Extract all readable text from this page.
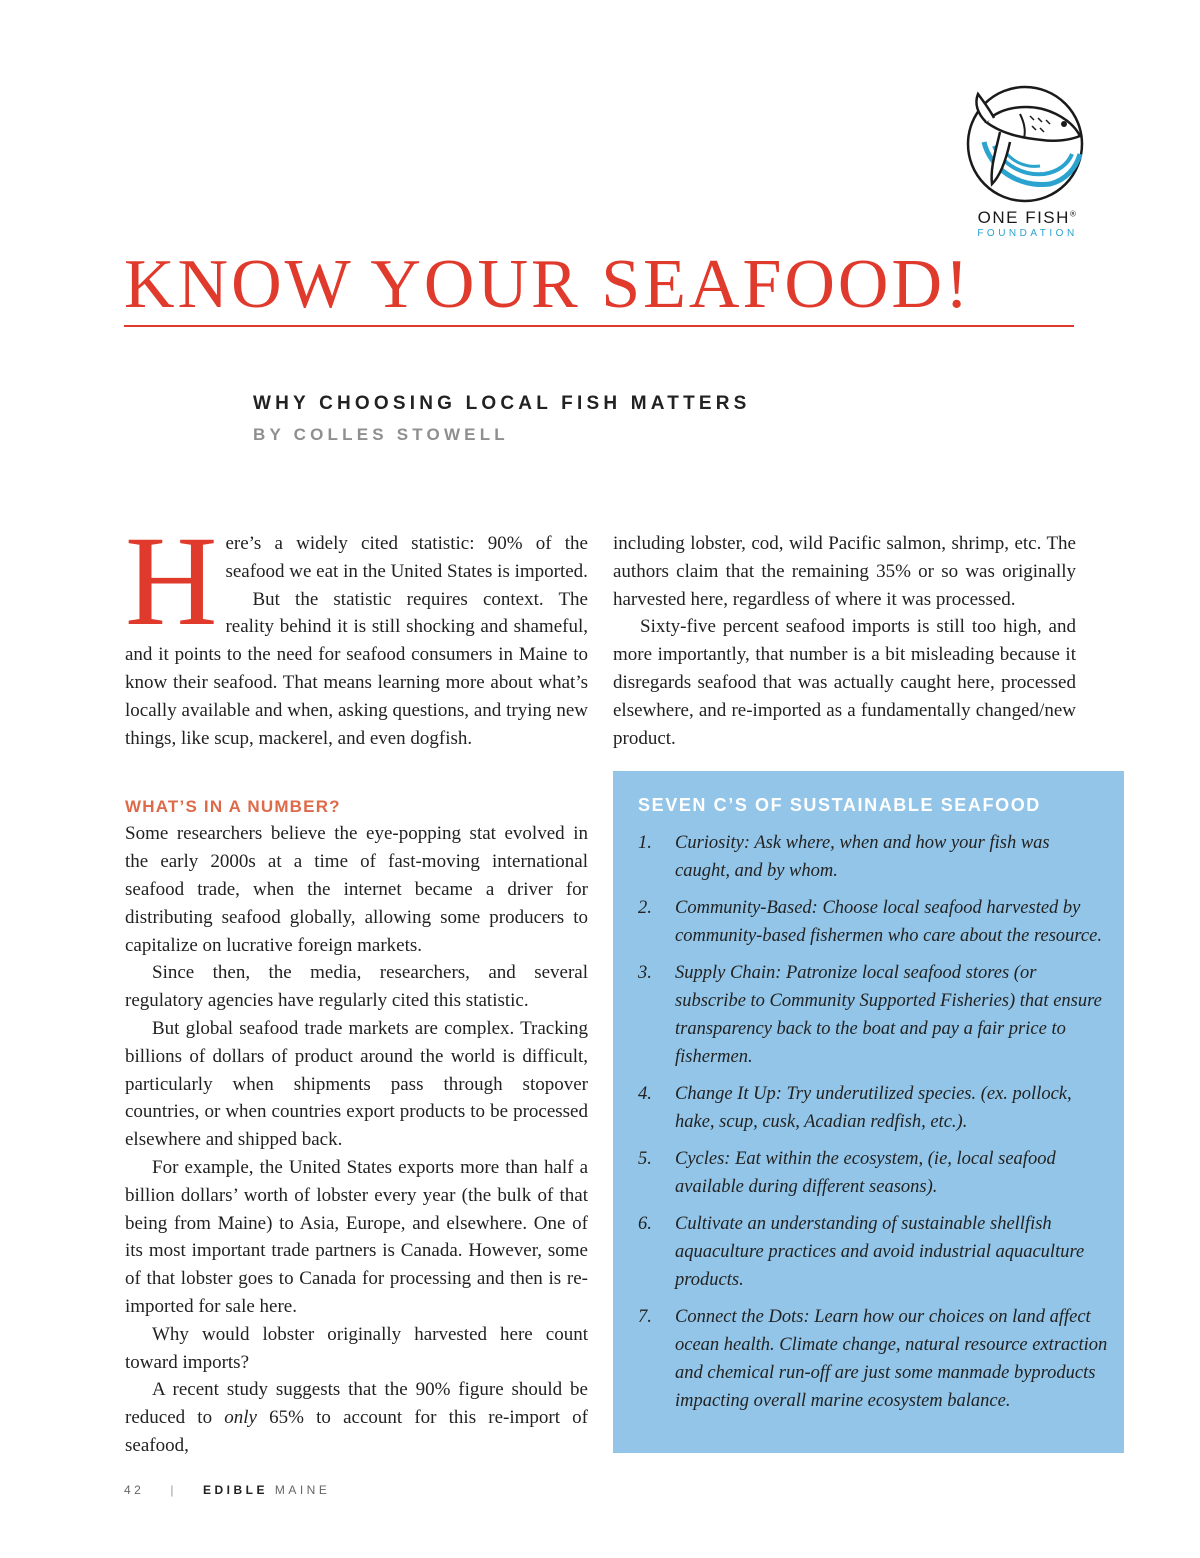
ONE FISH®
FOUNDATION
KNOW YOUR SEAFOOD!
WHY CHOOSING LOCAL FISH MATTERS
BY COLLES STOWELL
H ere’s a widely cited statistic: 90% of the seafood we eat in the United States is imported.

But the statistic requires context. The reality behind it is still shocking and shameful, and it points to the need for seafood consumers in Maine to know their seafood. That means learning more about what’s locally available and when, asking questions, and trying new things, like scup, mackerel, and even dogfish.

WHAT’S IN A NUMBER?

Some researchers believe the eye-popping stat evolved in the early 2000s at a time of fast-moving international seafood trade, when the internet became a driver for distributing seafood globally, allowing some producers to capitalize on lucrative foreign markets.

Since then, the media, researchers, and several regulatory agencies have regularly cited this statistic.

But global seafood trade markets are complex. Tracking billions of dollars of product around the world is difficult, particularly when shipments pass through stopover countries, or when countries export products to be processed elsewhere and shipped back.

For example, the United States exports more than half a billion dollars’ worth of lobster every year (the bulk of that being from Maine) to Asia, Europe, and elsewhere. One of its most important trade partners is Canada. However, some of that lobster goes to Canada for processing and then is re-imported for sale here.

Why would lobster originally harvested here count toward imports?

A recent study suggests that the 90% figure should be reduced to only 65% to account for this re-import of seafood,

including lobster, cod, wild Pacific salmon, shrimp, etc. The authors claim that the remaining 35% or so was originally harvested here, regardless of where it was processed.

Sixty-five percent seafood imports is still too high, and more importantly, that number is a bit misleading because it disregards seafood that was actually caught here, processed elsewhere, and re-imported as a fundamentally changed/new product.

SEVEN C’S OF SUSTAINABLE SEAFOOD
1. Curiosity: Ask where, when and how your fish was caught, and by whom.
2. Community-Based: Choose local seafood harvested by community-based fishermen who care about the resource.
3. Supply Chain: Patronize local seafood stores (or subscribe to Community Supported Fisheries) that ensure transparency back to the boat and pay a fair price to fishermen.
4. Change It Up: Try underutilized species. (ex. pollock, hake, scup, cusk, Acadian redfish, etc.).
5. Cycles: Eat within the ecosystem, (ie, local seafood available during different seasons).
6. Cultivate an understanding of sustainable shellfish aquaculture practices and avoid industrial aquaculture products.
7. Connect the Dots: Learn how our choices on land affect ocean health. Climate change, natural resource extraction and chemical run-off are just some manmade byproducts impacting overall marine ecosystem balance.
42 | EDIBLE MAINE
